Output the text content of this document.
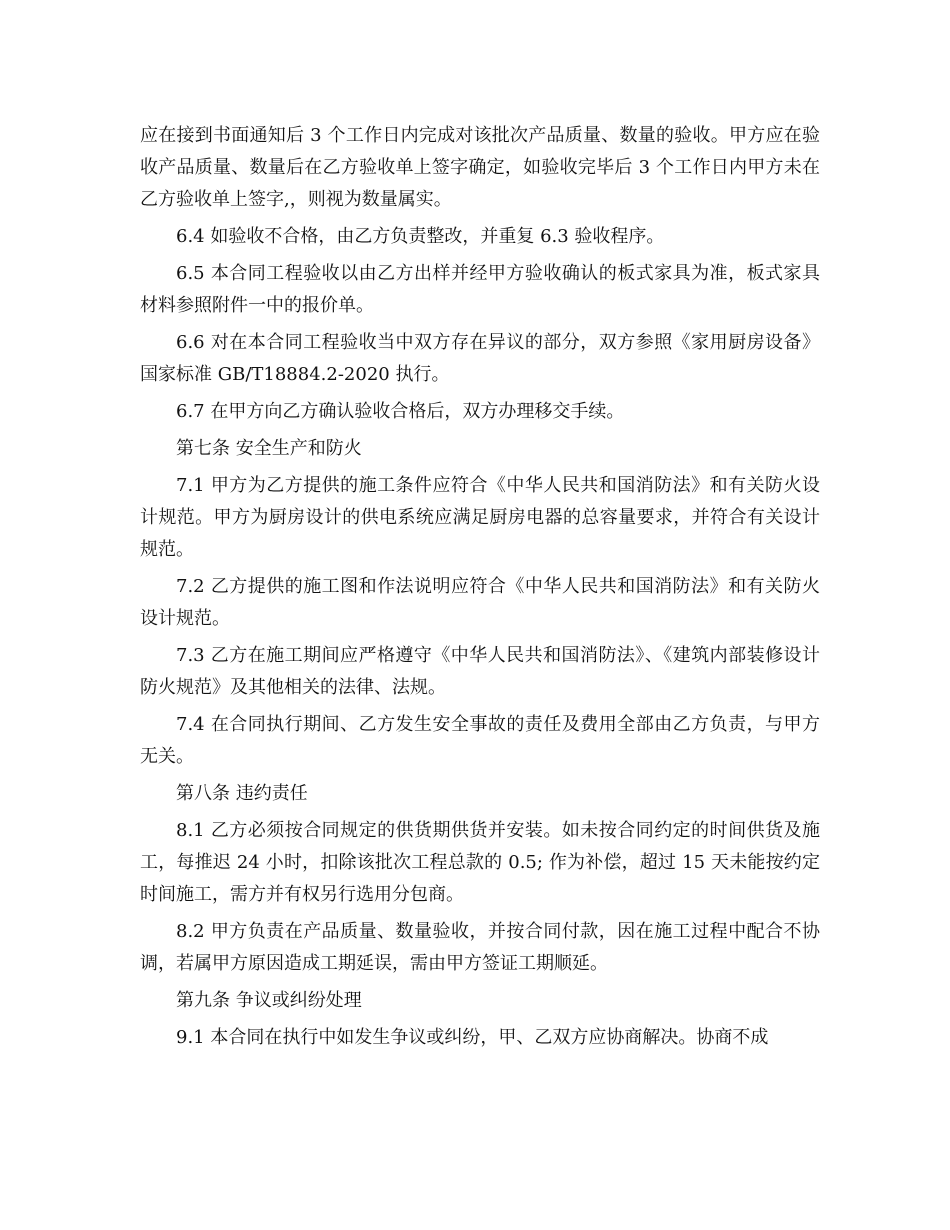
应在接到书面通知后 3 个工作日内完成对该批次产品质量、数量的验收。甲方应在验收产品质量、数量后在乙方验收单上签字确定，如验收完毕后 3 个工作日内甲方未在乙方验收单上签字,，则视为数量属实。

6.4 如验收不合格，由乙方负责整改，并重复 6.3 验收程序。

6.5 本合同工程验收以由乙方出样并经甲方验收确认的板式家具为准，板式家具材料参照附件一中的报价单。

6.6 对在本合同工程验收当中双方存在异议的部分，双方参照《家用厨房设备》国家标准 GB/T18884.2-2020 执行。

6.7 在甲方向乙方确认验收合格后，双方办理移交手续。

第七条 安全生产和防火

7.1 甲方为乙方提供的施工条件应符合《中华人民共和国消防法》和有关防火设计规范。甲方为厨房设计的供电系统应满足厨房电器的总容量要求，并符合有关设计规范。

7.2 乙方提供的施工图和作法说明应符合《中华人民共和国消防法》和有关防火设计规范。

7.3 乙方在施工期间应严格遵守《中华人民共和国消防法》、《建筑内部装修设计防火规范》及其他相关的法律、法规。

7.4 在合同执行期间、乙方发生安全事故的责任及费用全部由乙方负责，与甲方无关。

第八条 违约责任

8.1 乙方必须按合同规定的供货期供货并安装。如未按合同约定的时间供货及施工，每推迟 24 小时，扣除该批次工程总款的 0.5; 作为补偿，超过 15 天未能按约定时间施工，需方并有权另行选用分包商。

8.2 甲方负责在产品质量、数量验收，并按合同付款，因在施工过程中配合不协调，若属甲方原因造成工期延误，需由甲方签证工期顺延。

第九条 争议或纠纷处理

9.1 本合同在执行中如发生争议或纠纷，甲、乙双方应协商解决。协商不成
